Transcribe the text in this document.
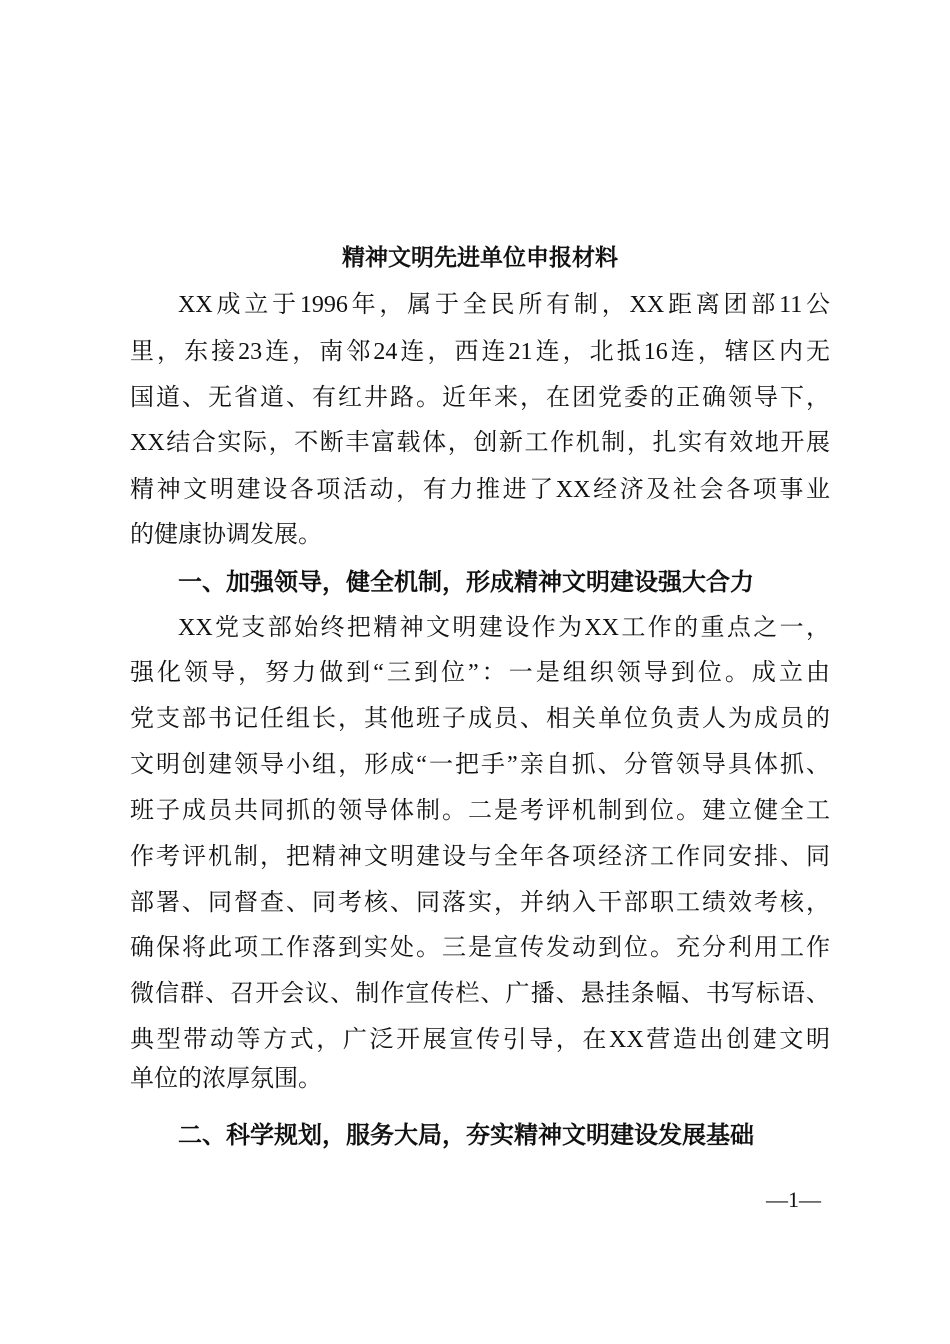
精神文明先进单位申报材料
XX成立于1996年，属于全民所有制，XX距离团部11公
里，东接23连，南邻24连，西连21连，北抵16连，辖区内无
国道、无省道、有红井路。近年来，在团党委的正确领导下，
XX结合实际，不断丰富载体，创新工作机制，扎实有效地开展
精神文明建设各项活动，有力推进了XX经济及社会各项事业
的健康协调发展。
一、加强领导，健全机制，形成精神文明建设强大合力
XX党支部始终把精神文明建设作为XX工作的重点之一，
强化领导，努力做到“三到位”：一是组织领导到位。成立由
党支部书记任组长，其他班子成员、相关单位负责人为成员的
文明创建领导小组，形成“一把手”亲自抓、分管领导具体抓、
班子成员共同抓的领导体制。二是考评机制到位。建立健全工
作考评机制，把精神文明建设与全年各项经济工作同安排、同
部署、同督查、同考核、同落实，并纳入干部职工绩效考核，
确保将此项工作落到实处。三是宣传发动到位。充分利用工作
微信群、召开会议、制作宣传栏、广播、悬挂条幅、书写标语、
典型带动等方式，广泛开展宣传引导，在XX营造出创建文明
单位的浓厚氛围。
二、科学规划，服务大局，夯实精神文明建设发展基础
—1—
